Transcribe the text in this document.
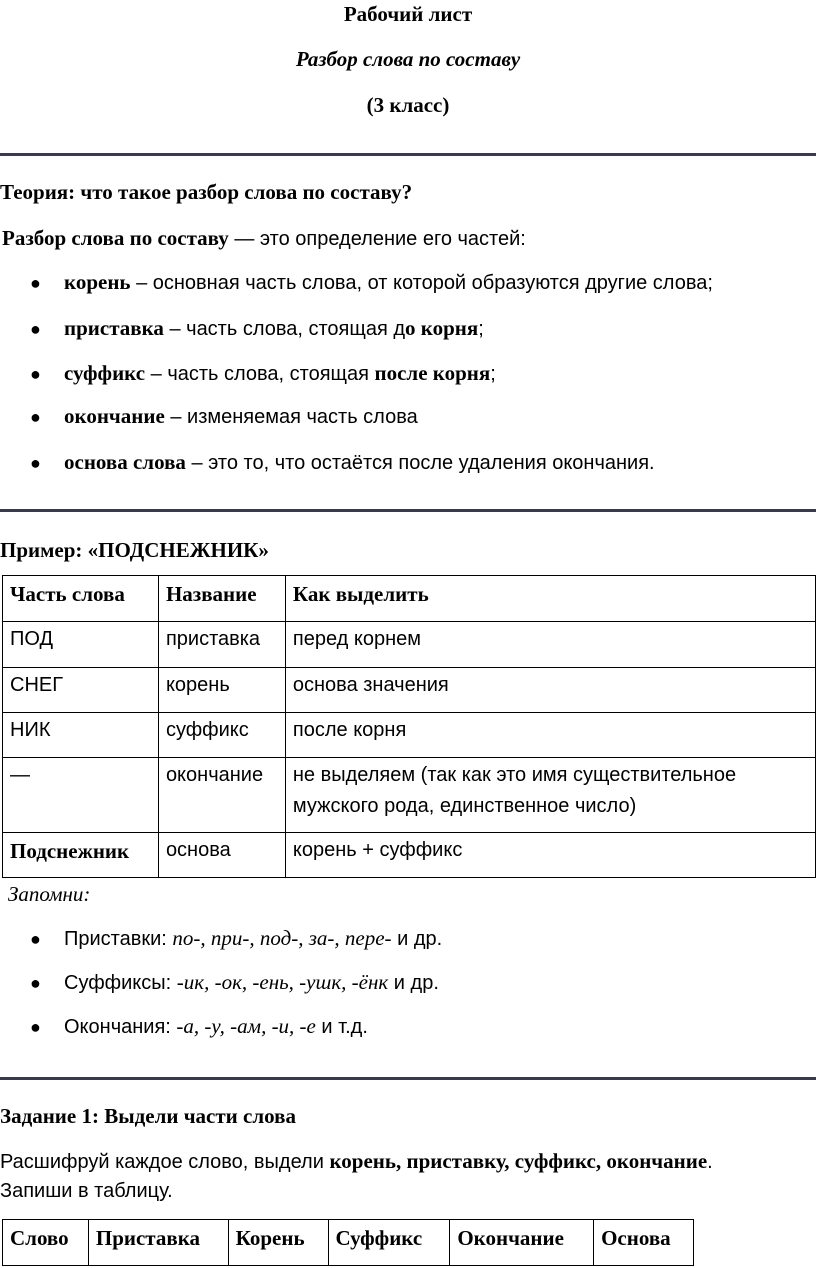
Рабочий лист
Разбор слова по составу
(3 класс)
Теория: что такое разбор слова по составу?
Разбор слова по составу — это определение его частей:
● корень – основная часть слова, от которой образуются другие слова;
● приставка – часть слова, стоящая до корня;
● суффикс – часть слова, стоящая после корня;
● окончание – изменяемая часть слова
● основа слова – это то, что остаётся после удаления окончания.
Пример: «ПОДСНЕЖНИК»
Часть слова	Название	Как выделить
ПОД	приставка	перед корнем
СНЕГ	корень	основа значения
НИК	суффикс	после корня
—	окончание	не выделяем (так как это имя существительное мужского рода, единственное число)
Подснежник	основа	корень + суффикс
Запомни:
● Приставки: по-, при-, под-, за-, пере- и др.
● Суффиксы: -ик, -ок, -ень, -ушк, -ёнк и др.
● Окончания: -а, -у, -ам, -и, -е и т.д.
Задание 1: Выдели части слова
Расшифруй каждое слово, выдели корень, приставку, суффикс, окончание.
Запиши в таблицу.
Слово	Приставка	Корень	Суффикс	Окончание	Основа
